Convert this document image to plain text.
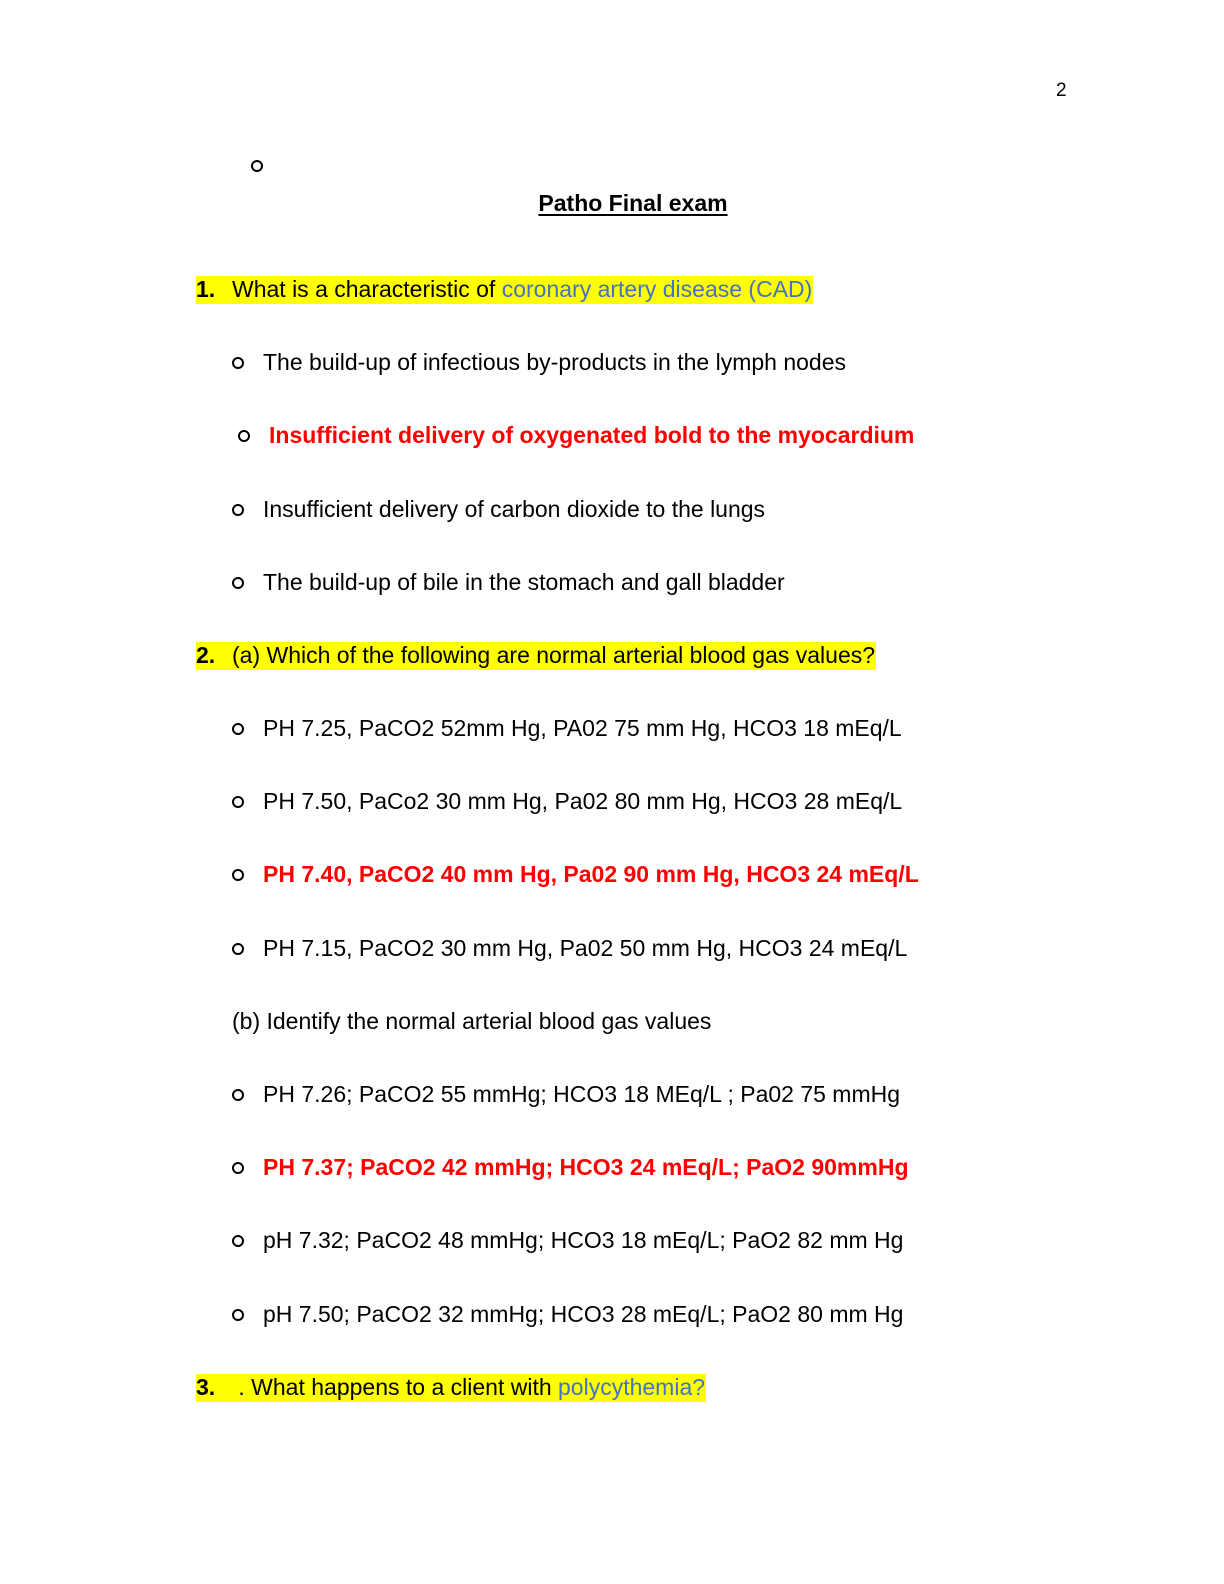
2
Patho Final exam
1. What is a characteristic of coronary artery disease (CAD)
The build-up of infectious by-products in the lymph nodes
Insufficient delivery of oxygenated bold to the myocardium
Insufficient delivery of carbon dioxide to the lungs
The build-up of bile in the stomach and gall bladder
2. (a) Which of the following are normal arterial blood gas values?
PH 7.25, PaCO2 52mm Hg, PA02 75 mm Hg, HCO3 18 mEq/L
PH 7.50, PaCo2 30 mm Hg, Pa02 80 mm Hg, HCO3 28 mEq/L
PH 7.40, PaCO2 40 mm Hg, Pa02 90 mm Hg, HCO3 24 mEq/L
PH 7.15, PaCO2 30 mm Hg, Pa02 50 mm Hg, HCO3 24 mEq/L
(b) Identify the normal arterial blood gas values
PH 7.26; PaCO2 55 mmHg; HCO3 18 MEq/L ; Pa02 75 mmHg
PH 7.37; PaCO2 42 mmHg; HCO3 24 mEq/L; PaO2 90mmHg
pH 7.32; PaCO2 48 mmHg; HCO3 18 mEq/L; PaO2 82 mm Hg
pH 7.50; PaCO2 32 mmHg; HCO3 28 mEq/L; PaO2 80 mm Hg
3. . What happens to a client with polycythemia?
